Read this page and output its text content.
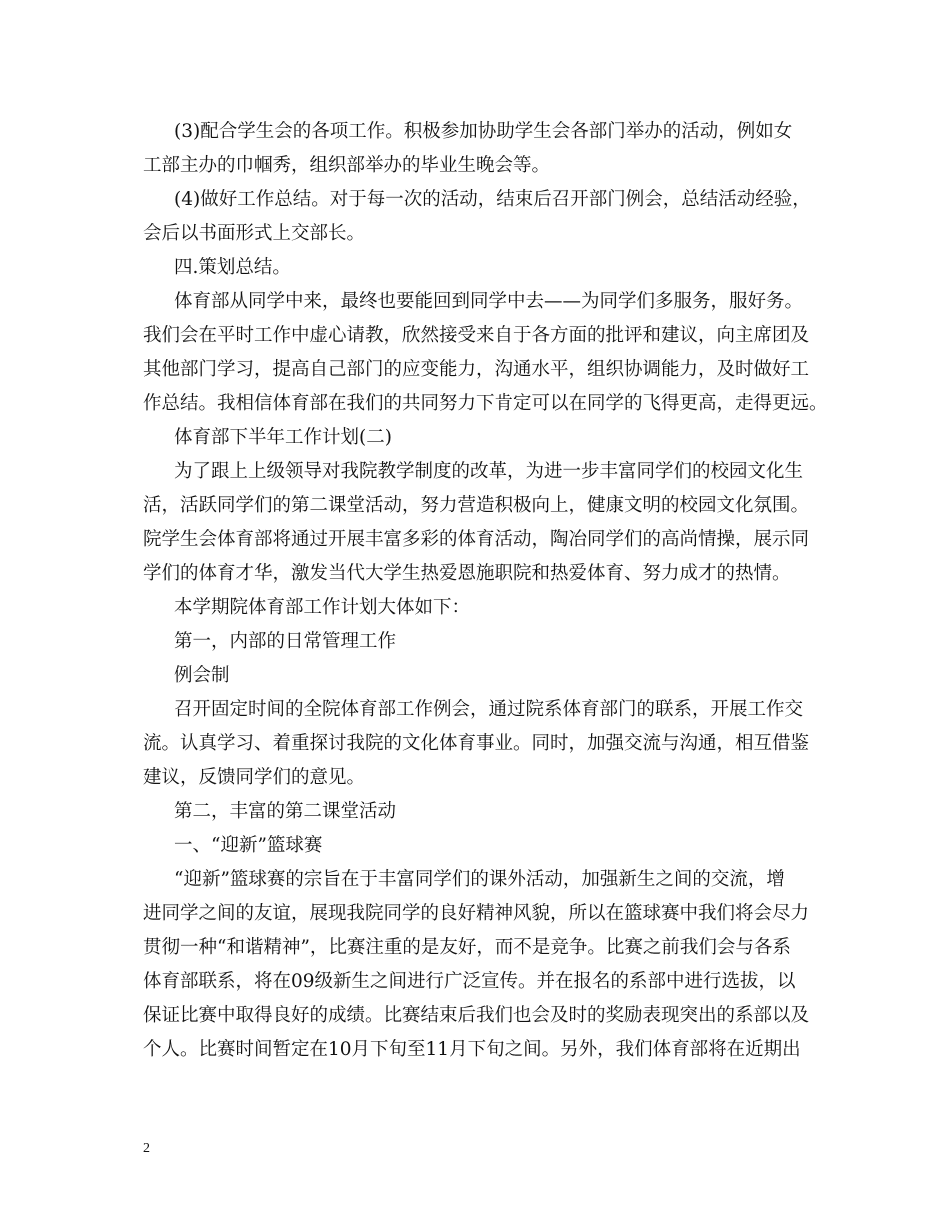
(3)配合学生会的各项工作。积极参加协助学生会各部门举办的活动，例如女
工部主办的巾帼秀，组织部举办的毕业生晚会等。
(4)做好工作总结。对于每一次的活动，结束后召开部门例会，总结活动经验，
会后以书面形式上交部长。
四.策划总结。
体育部从同学中来，最终也要能回到同学中去——为同学们多服务，服好务。
我们会在平时工作中虚心请教，欣然接受来自于各方面的批评和建议，向主席团及
其他部门学习，提高自己部门的应变能力，沟通水平，组织协调能力，及时做好工
作总结。我相信体育部在我们的共同努力下肯定可以在同学的飞得更高，走得更远。
体育部下半年工作计划(二)
为了跟上上级领导对我院教学制度的改革，为进一步丰富同学们的校园文化生
活，活跃同学们的第二课堂活动，努力营造积极向上，健康文明的校园文化氛围。
院学生会体育部将通过开展丰富多彩的体育活动，陶冶同学们的高尚情操，展示同
学们的体育才华，激发当代大学生热爱恩施职院和热爱体育、努力成才的热情。
本学期院体育部工作计划大体如下：
第一，内部的日常管理工作
例会制
召开固定时间的全院体育部工作例会，通过院系体育部门的联系，开展工作交
流。认真学习、着重探讨我院的文化体育事业。同时，加强交流与沟通，相互借鉴
建议，反馈同学们的意见。
第二，丰富的第二课堂活动
一、“迎新”篮球赛
“迎新”篮球赛的宗旨在于丰富同学们的课外活动，加强新生之间的交流，增
进同学之间的友谊，展现我院同学的良好精神风貌，所以在篮球赛中我们将会尽力
贯彻一种“和谐精神”，比赛注重的是友好，而不是竞争。比赛之前我们会与各系
体育部联系，将在09级新生之间进行广泛宣传。并在报名的系部中进行选拔，以
保证比赛中取得良好的成绩。比赛结束后我们也会及时的奖励表现突出的系部以及
个人。比赛时间暂定在10月下旬至11月下旬之间。另外，我们体育部将在近期出
2
